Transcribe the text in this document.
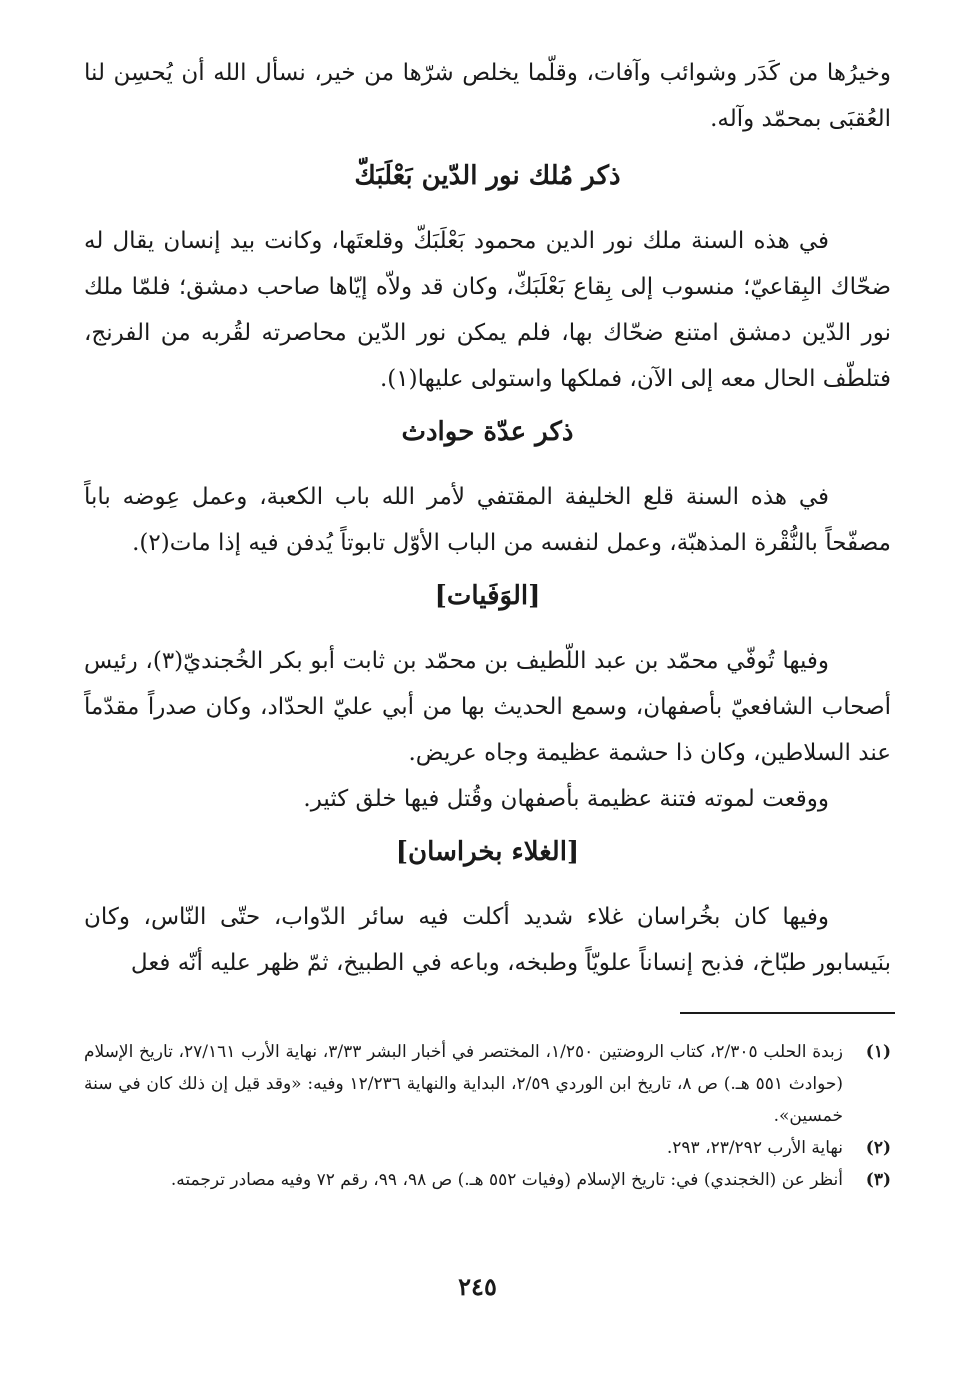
وخيرُها من كَدَر وشوائب وآفات، وقلّما يخلص شرّها من خير، نسأل الله أن يُحسِن لنا العُقبَى بمحمّد وآله.

ذكر مُلك نور الدّين بَعْلَبَكّ

في هذه السنة ملك نور الدين محمود بَعْلَبَكّ وقلعتَها، وكانت بيد إنسان يقال له ضحّاك البِقاعيّ؛ منسوب إلى بِقاع بَعْلَبَكّ، وكان قد ولاّه إيّاها صاحب دمشق؛ فلمّا ملك نور الدّين دمشق امتنع ضحّاك بها، فلم يمكن نور الدّين محاصرته لقُربه من الفرنج، فتلطّف الحال معه إلى الآن، فملكها واستولى عليها(١).

ذكر عدّة حوادث

في هذه السنة قلع الخليفة المقتفي لأمر الله باب الكعبة، وعمل عِوضه باباً مصفّحاً بالنُّقْرة المذهبّة، وعمل لنفسه من الباب الأوّل تابوتاً يُدفن فيه إذا مات(٢).

[الوَفَيات]

وفيها تُوفّي محمّد بن عبد اللّطيف بن محمّد بن ثابت أبو بكر الخُجنديّ(٣)، رئيس أصحاب الشافعيّ بأصفهان، وسمع الحديث بها من أبي عليّ الحدّاد، وكان صدراً مقدّماً عند السلاطين، وكان ذا حشمة عظيمة وجاه عريض.

ووقعت لموته فتنة عظيمة بأصفهان وقُتل فيها خلق كثير.

[الغلاء بخراسان]

وفيها كان بخُراسان غلاء شديد أكلت فيه سائر الدّواب، حتّى النّاس، وكان بنَيسابور طبّاخ، فذبح إنساناً علويّاً وطبخه، وباعه في الطبيخ، ثمّ ظهر عليه أنّه فعل

(١)
زبدة الحلب ٢/٣٠٥، كتاب الروضتين ١/٢٥٠، المختصر في أخبار البشر ٣/٣٣، نهاية الأرب ٢٧/١٦١، تاريخ الإسلام (حوادث ٥٥١ هـ.) ص ٨، تاريخ ابن الوردي ٢/٥٩، البداية والنهاية ١٢/٢٣٦ وفيه: «وقد قيل إن ذلك كان في سنة خمسين».
(٢)
نهاية الأرب ٢٣/٢٩٢، ٢٩٣.
(٣)
أنظر عن (الخجندي) في: تاريخ الإسلام (وفيات ٥٥٢ هـ.) ص ٩٨، ٩٩، رقم ٧٢ وفيه مصادر ترجمته.
٢٤٥
